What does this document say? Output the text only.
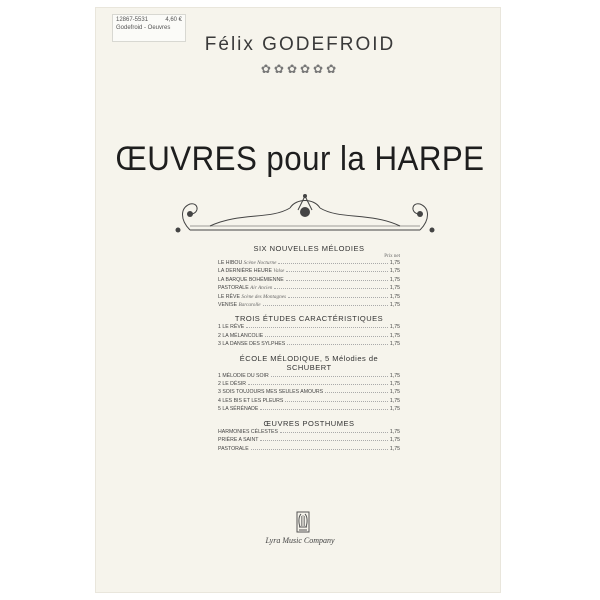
12867-5531	4,60 €
Godefroid - Oeuvres
Félix GODEFROID
✿✿✿✿✿✿
ŒUVRES pour la HARPE
SIX NOUVELLES MÉLODIES
Prix net
LE HIBOU Scène Nocturne	1,75
LA DERNIÈRE HEURE Valse	1,75
LA BARQUE BOHÉMIENNE	1,75
PASTORALE Air Ancien	1,75
LE RÊVE Scène des Montagnes	1,75
VENISE Barcarolle	1,75
TROIS ÉTUDES CARACTÉRISTIQUES
1 LE RÊVE	1,75
2 LA MÉLANCOLIE	1,75
3 LA DANSE DES SYLPHES	1,75
ÉCOLE MÉLODIQUE, 5 Mélodies de SCHUBERT
1 MÉLODIE DU SOIR	1,75
2 LE DÉSIR	1,75
3 SOIS TOUJOURS MES SEULES AMOURS	1,75
4 LES BIS ET LES PLEURS	1,75
5 LA SÉRÉNADE	1,75
ŒUVRES POSTHUMES
HARMONIES CÉLESTES	1,75
PRIÈRE A SAINT	1,75
PASTORALE	1,75
Lyra Music Company
